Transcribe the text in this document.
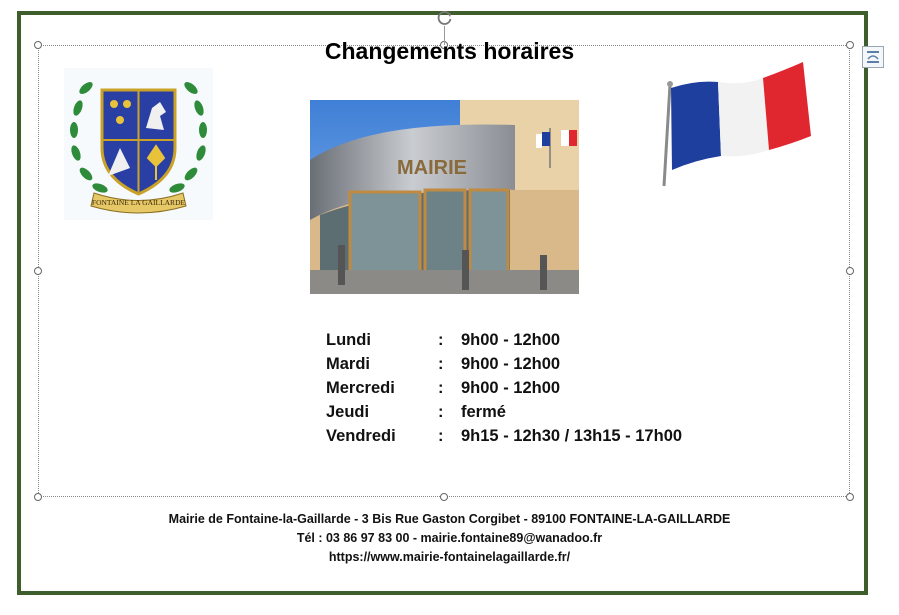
Changements horaires
FONTAINE LA GAILLARDE
MAIRIE
Lundi	: 9h00 - 12h00
Mardi	: 9h00 - 12h00
Mercredi	: 9h00 - 12h00
Jeudi	: fermé
Vendredi	: 9h15 - 12h30 / 13h15 - 17h00
Mairie de Fontaine-la-Gaillarde - 3 Bis Rue Gaston Corgibet - 89100 FONTAINE-LA-GAILLARDE
Tél : 03 86 97 83 00 - mairie.fontaine89@wanadoo.fr
https://www.mairie-fontainelagaillarde.fr/
